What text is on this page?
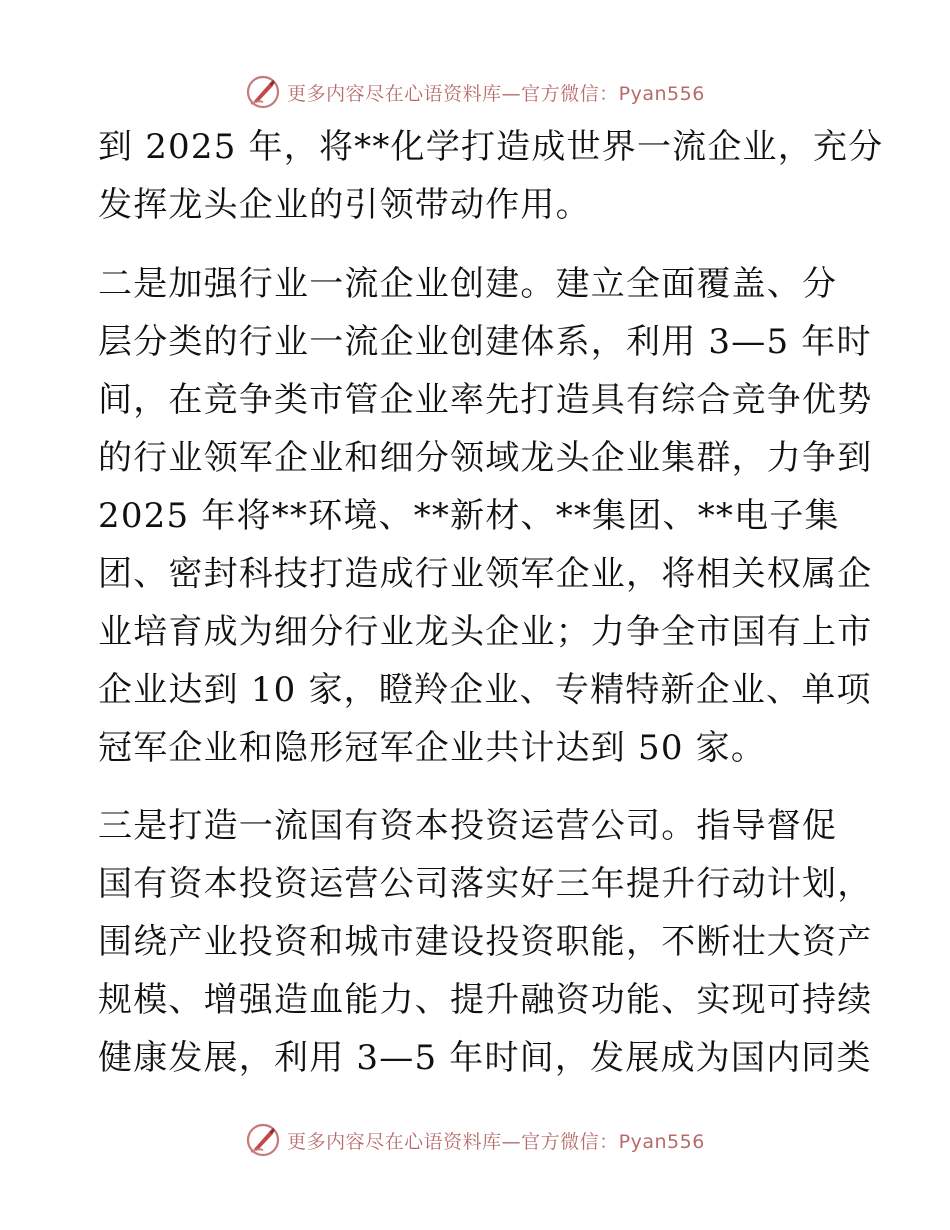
更多内容尽在心语资料库—官方微信：Pyan556

到 2025 年，将**化学打造成世界一流企业，充分
发挥龙头企业的引领带动作用。

二是加强行业一流企业创建。建立全面覆盖、分
层分类的行业一流企业创建体系，利用 3—5 年时
间，在竞争类市管企业率先打造具有综合竞争优势
的行业领军企业和细分领域龙头企业集群，力争到
2025 年将**环境、**新材、**集团、**电子集
团、密封科技打造成行业领军企业，将相关权属企
业培育成为细分行业龙头企业；力争全市国有上市
企业达到 10 家，瞪羚企业、专精特新企业、单项
冠军企业和隐形冠军企业共计达到 50 家。

三是打造一流国有资本投资运营公司。指导督促
国有资本投资运营公司落实好三年提升行动计划，
围绕产业投资和城市建设投资职能，不断壮大资产
规模、增强造血能力、提升融资功能、实现可持续
健康发展，利用 3—5 年时间，发展成为国内同类

更多内容尽在心语资料库—官方微信：Pyan556
